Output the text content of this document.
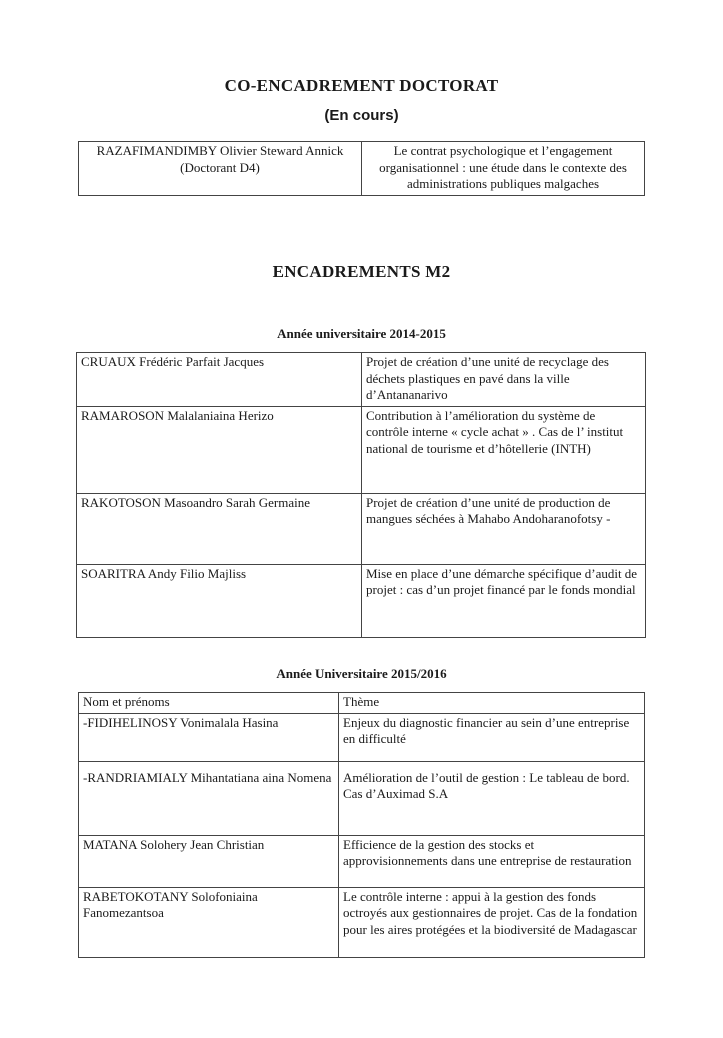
CO-ENCADREMENT DOCTORAT
(En cours)
RAZAFIMANDIMBY Olivier Steward Annick (Doctorant D4)	Le contrat psychologique et l’engagement organisationnel : une étude dans le contexte des administrations publiques malgaches
ENCADREMENTS M2
Année universitaire 2014-2015
CRUAUX Frédéric Parfait Jacques	Projet de création d’une unité de recyclage des déchets plastiques en pavé dans la ville d’Antananarivo
RAMAROSON Malalaniaina Herizo	Contribution à l’amélioration du système de contrôle interne « cycle achat » . Cas de l’ institut national de tourisme et d’hôtellerie (INTH)
RAKOTOSON Masoandro Sarah Germaine	Projet de création d’une unité de production de mangues séchées à Mahabo Andoharanofotsy -
SOARITRA Andy Filio Majliss	Mise en place d’une démarche spécifique d’audit de projet : cas d’un projet financé par le fonds mondial
Année Universitaire 2015/2016
Nom et prénoms	Thème
-FIDIHELINOSY Vonimalala Hasina	Enjeux du diagnostic financier au sein d’une entreprise en difficulté
-RANDRIAMIALY Mihantatiana aina Nomena	Amélioration de l’outil de gestion : Le tableau de bord. Cas d’Auximad S.A
MATANA Solohery Jean Christian	Efficience de la gestion des stocks et approvisionnements dans une entreprise de restauration
RABETOKOTANY Solofoniaina Fanomezantsoa	Le contrôle interne : appui à la gestion des fonds octroyés aux gestionnaires de projet. Cas de la fondation pour les aires protégées et la biodiversité de Madagascar
